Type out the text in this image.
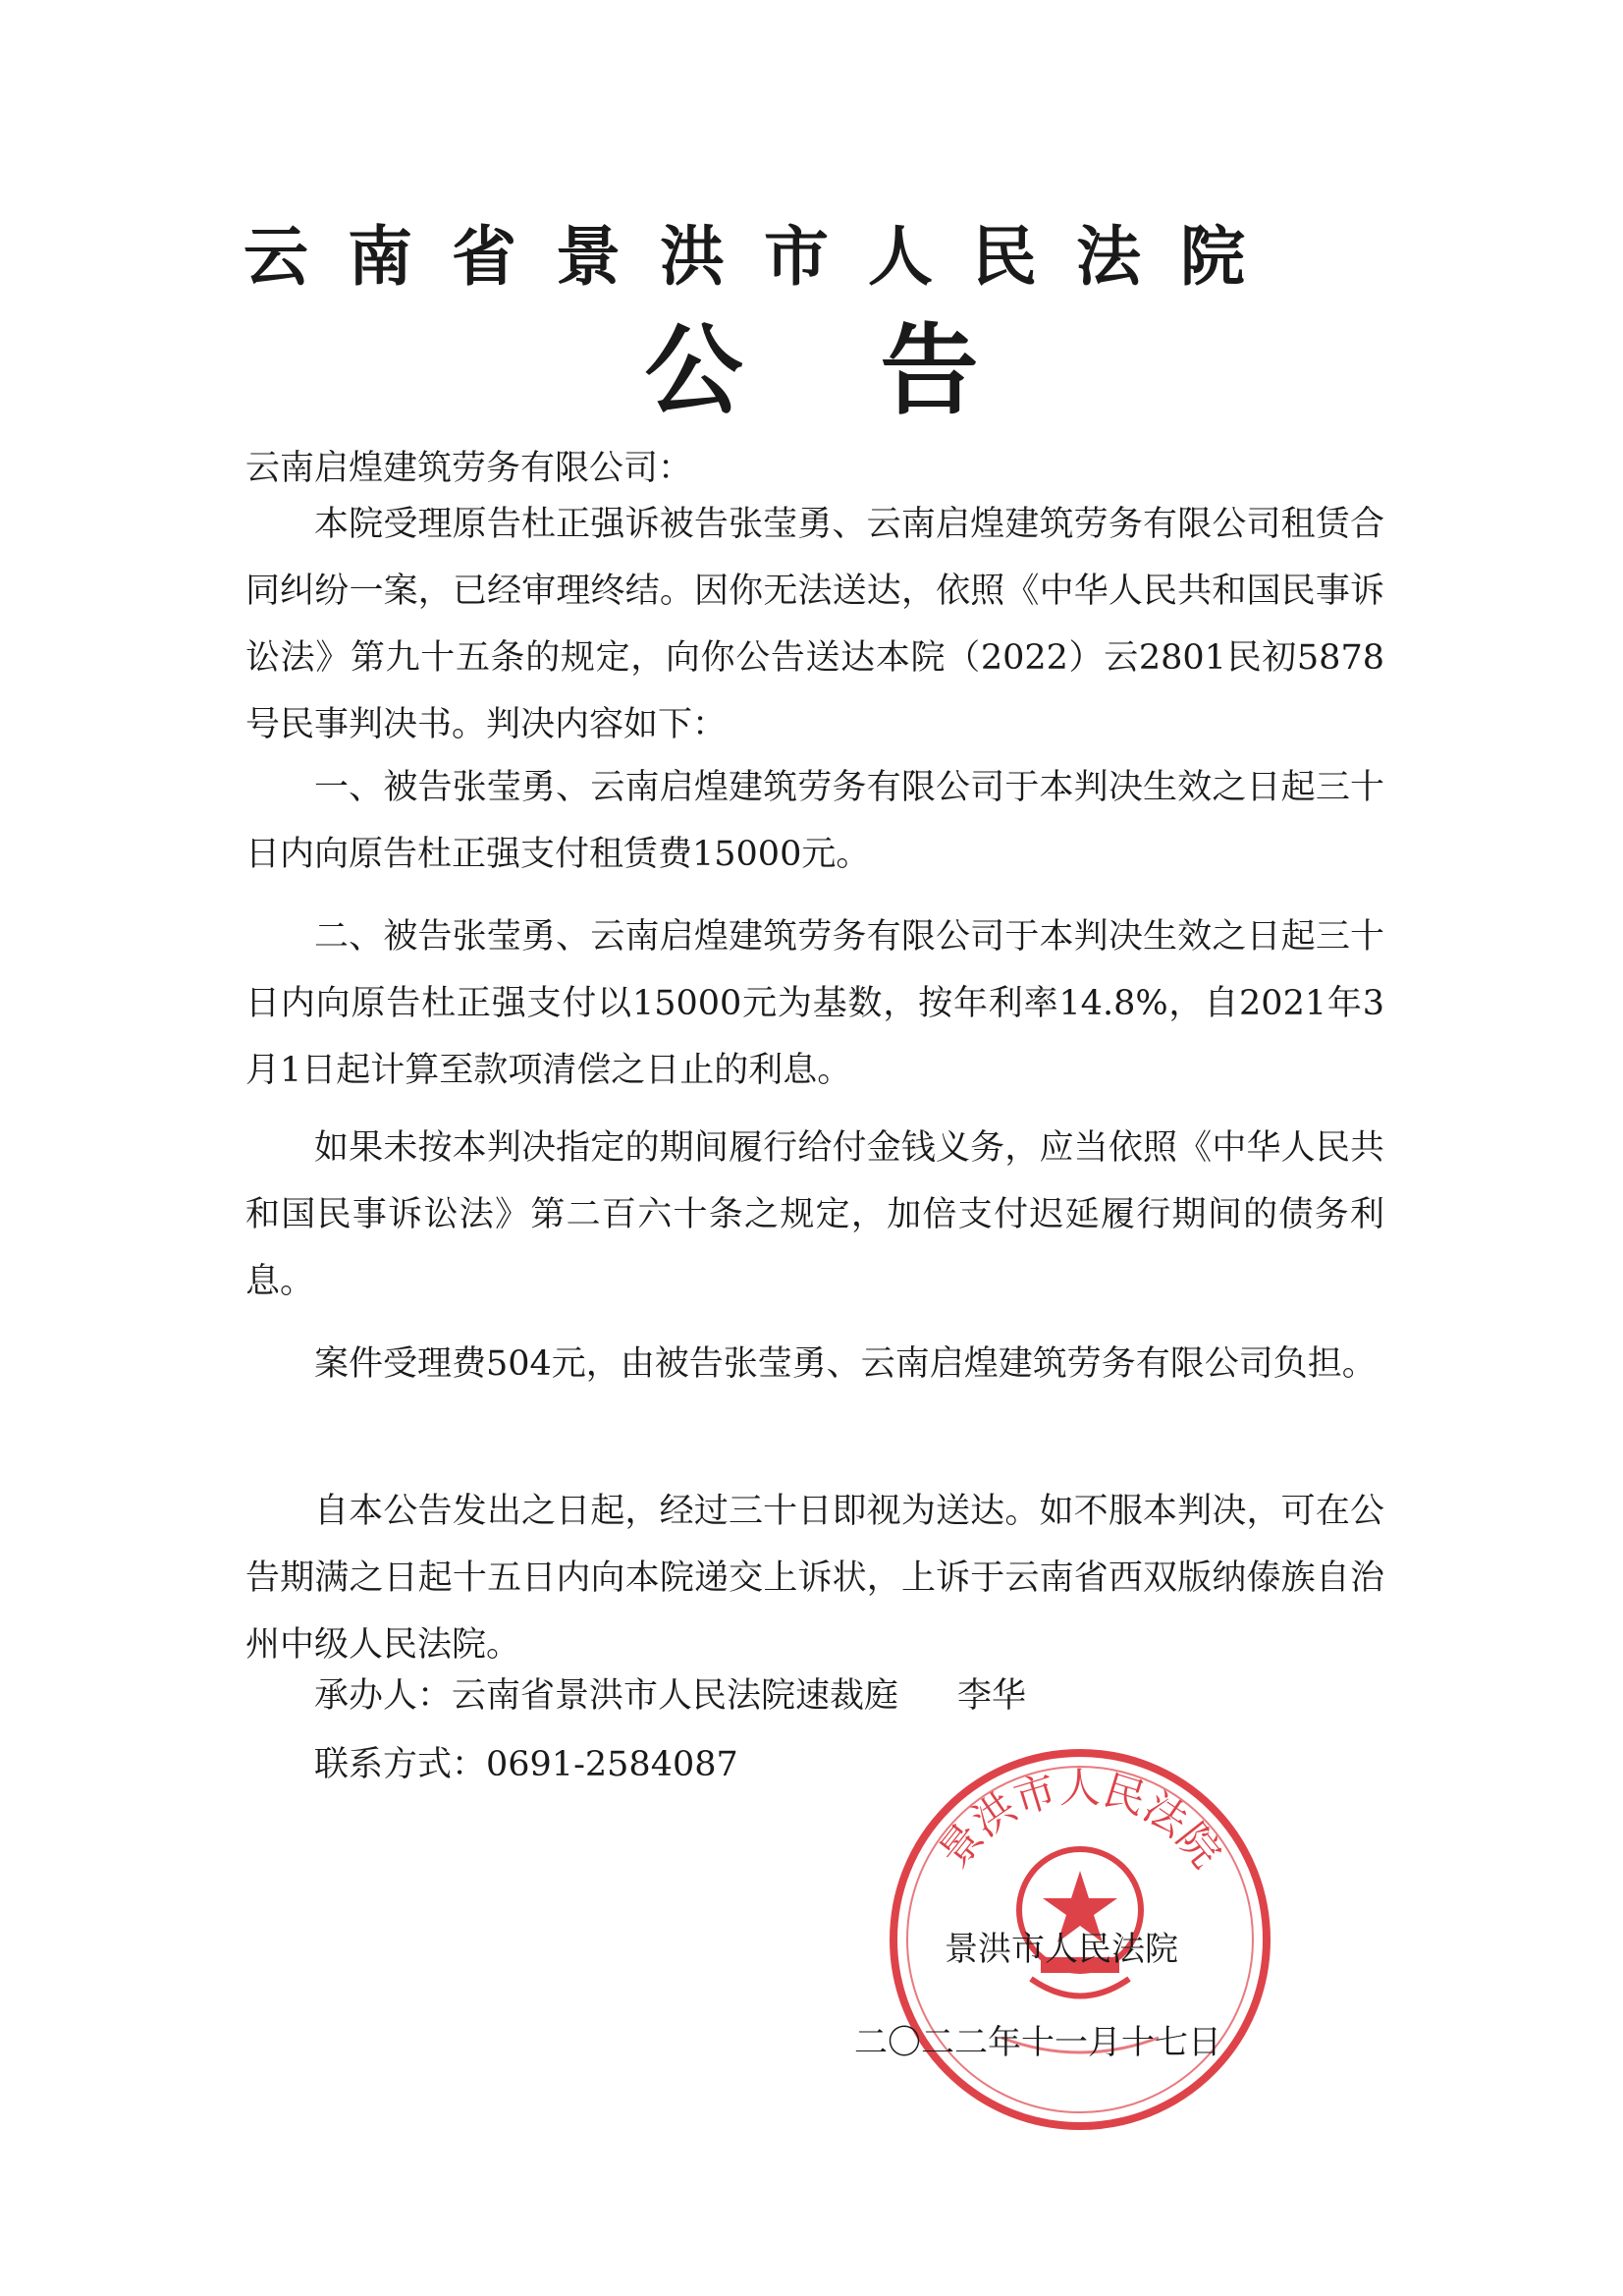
云南省景洪市人民法院
公告
云南启煌建筑劳务有限公司：

本院受理原告杜正强诉被告张莹勇、云南启煌建筑劳务有限公司租赁合同纠纷一案，已经审理终结。因你无法送达，依照《中华人民共和国民事诉讼法》第九十五条的规定，向你公告送达本院（2022）云2801民初5878号民事判决书。判决内容如下：

一、被告张莹勇、云南启煌建筑劳务有限公司于本判决生效之日起三十日内向原告杜正强支付租赁费15000元。

二、被告张莹勇、云南启煌建筑劳务有限公司于本判决生效之日起三十日内向原告杜正强支付以15000元为基数，按年利率14.8%，自2021年3月1日起计算至款项清偿之日止的利息。

如果未按本判决指定的期间履行给付金钱义务，应当依照《中华人民共和国民事诉讼法》第二百六十条之规定，加倍支付迟延履行期间的债务利息。

案件受理费504元，由被告张莹勇、云南启煌建筑劳务有限公司负担。

自本公告发出之日起，经过三十日即视为送达。如不服本判决，可在公告期满之日起十五日内向本院递交上诉状，上诉于云南省西双版纳傣族自治州中级人民法院。

承办人：云南省景洪市人民法院速裁庭 李华
联系方式：0691-2584087
景洪市人民法院
景洪市人民法院
二〇二二年十一月十七日
